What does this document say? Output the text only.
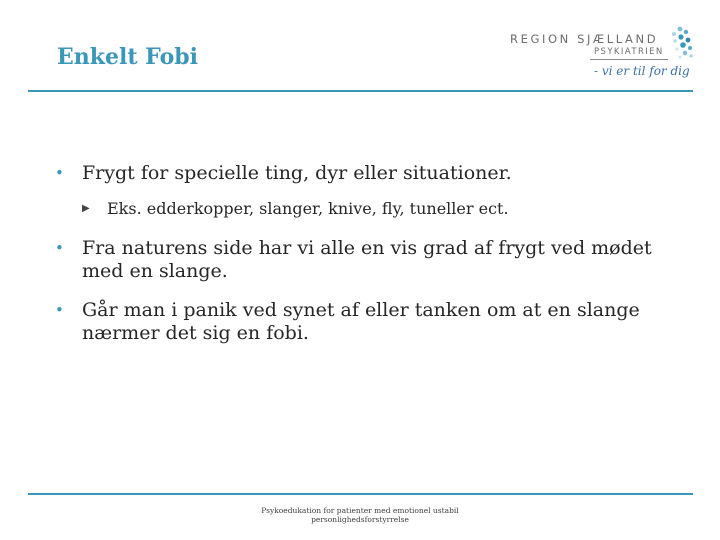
Enkelt Fobi
REGION SJÆLLAND
PSYKIATRIEN
- vi er til for dig
• Frygt for specielle ting, dyr eller situationer.
▶ Eks. edderkopper, slanger, knive, fly, tuneller ect.
• Fra naturens side har vi alle en vis grad af frygt ved mødet med en slange.
• Går man i panik ved synet af eller tanken om at en slange nærmer det sig en fobi.
Psykoedukation for patienter med emotionel ustabil
personlighedsforstyrrelse
